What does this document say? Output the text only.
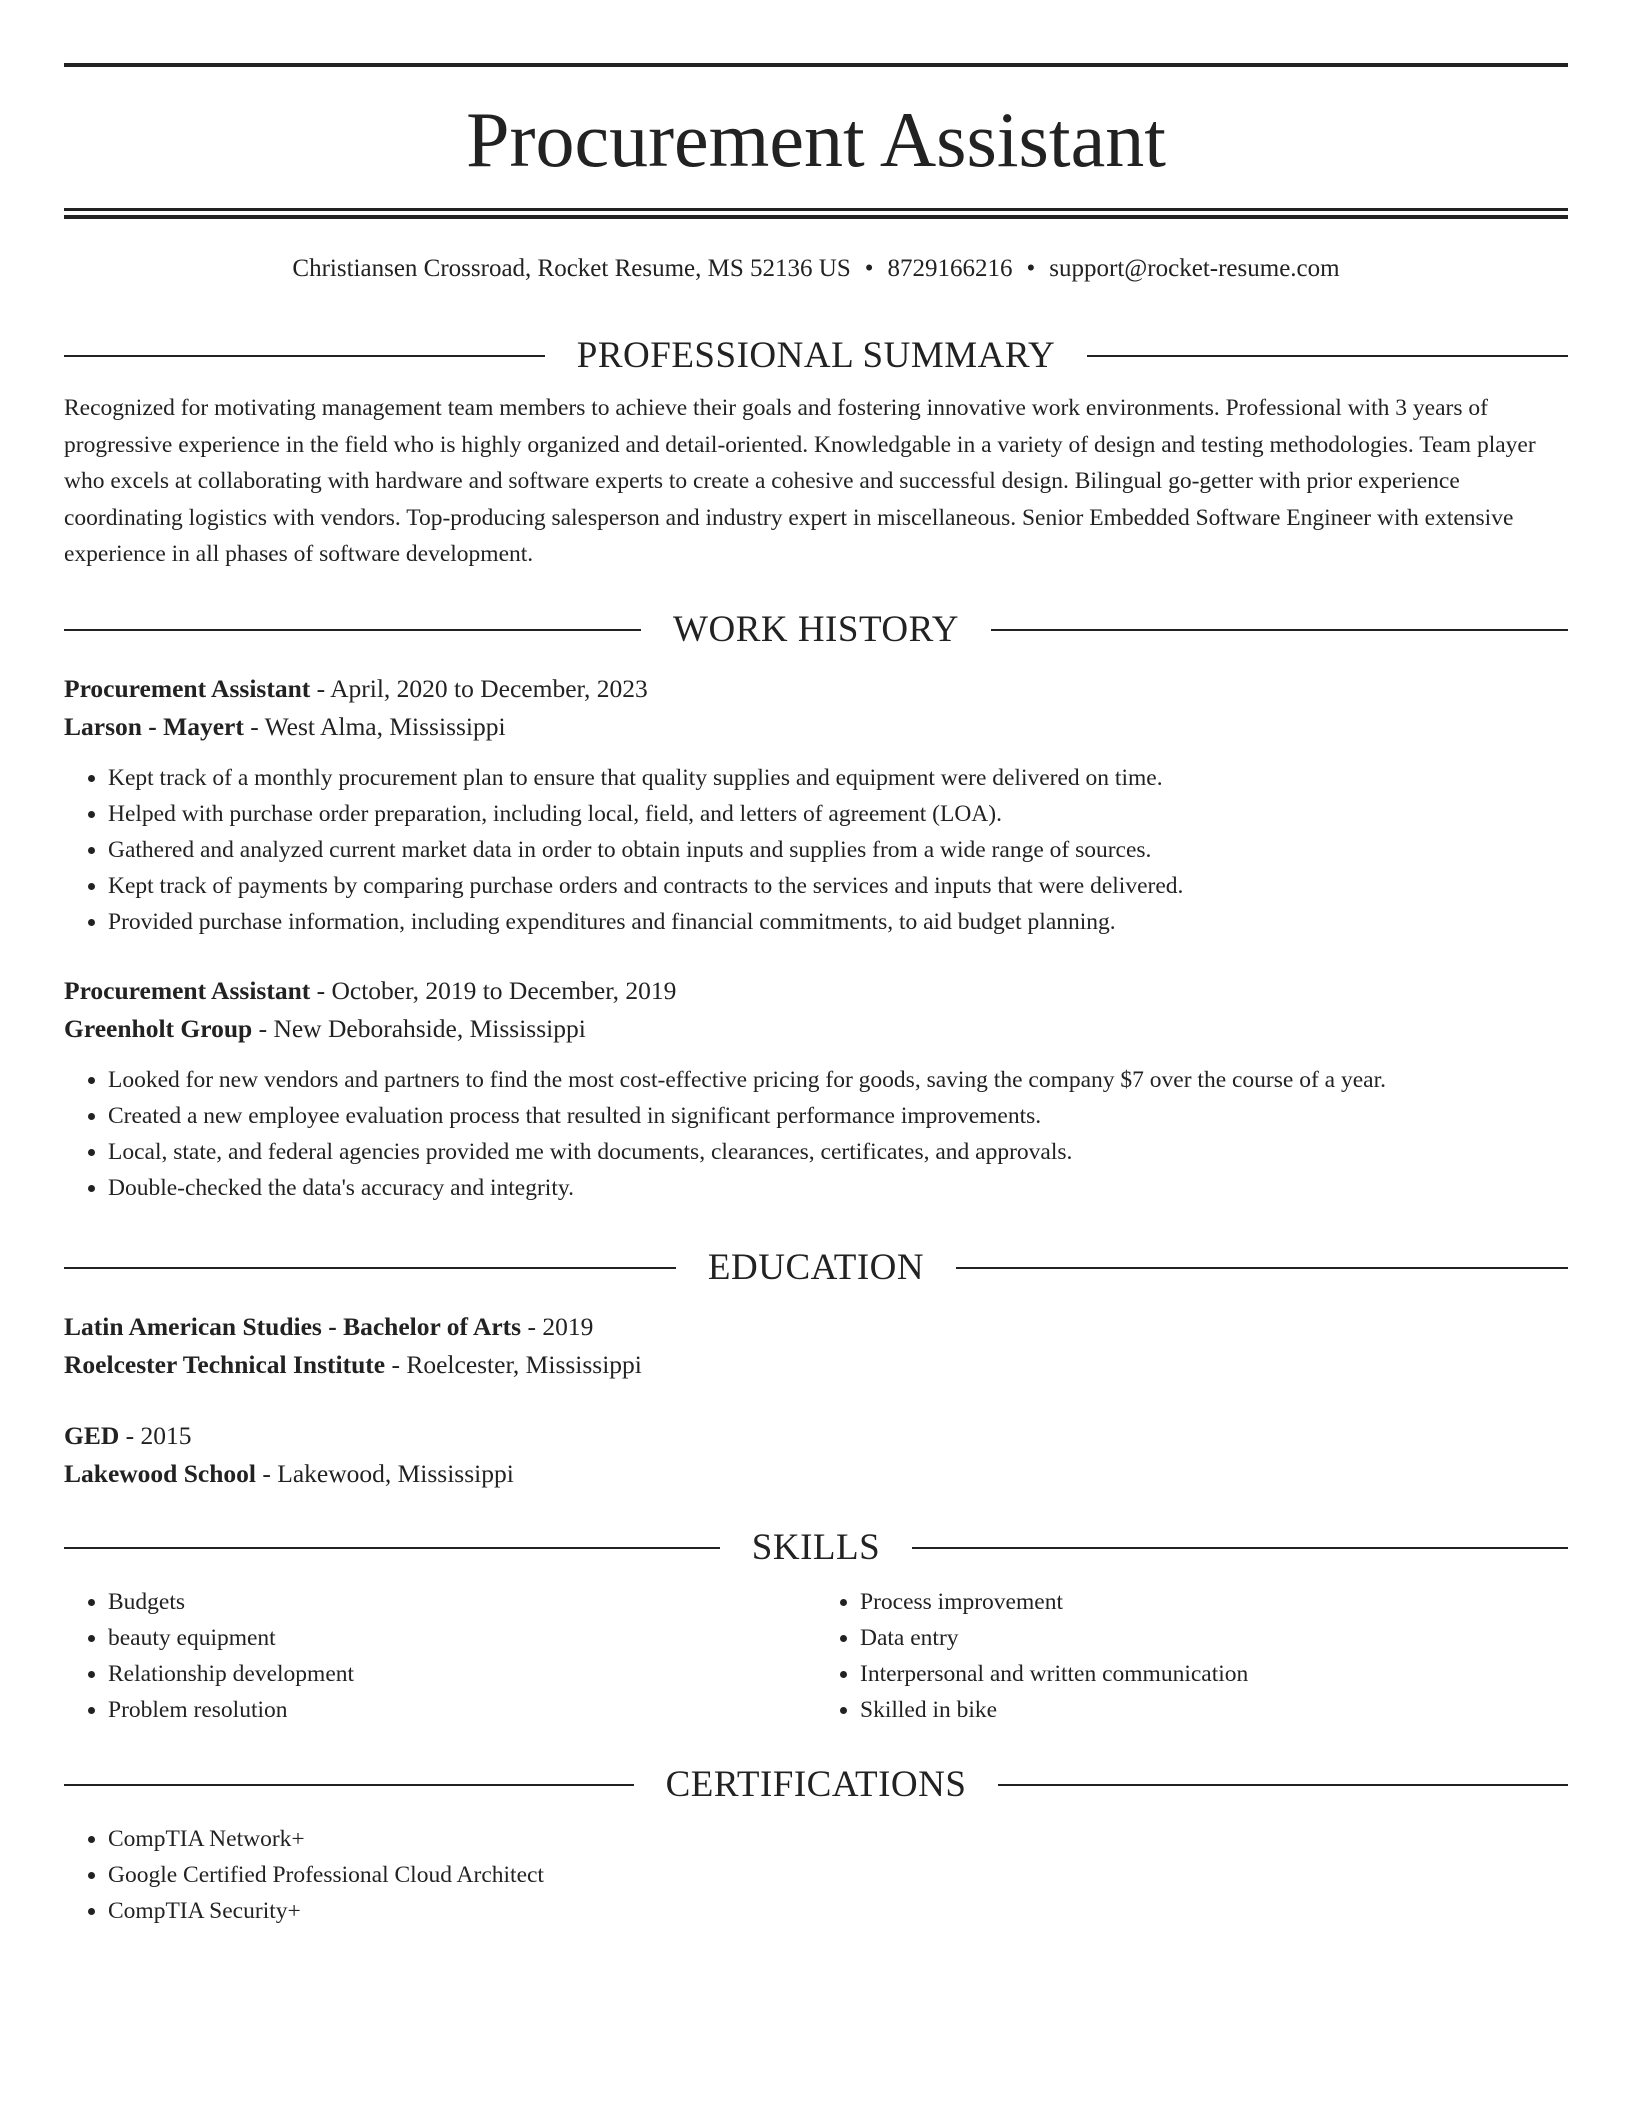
Procurement Assistant
Christiansen Crossroad, Rocket Resume, MS 52136 US • 8729166216 • support@rocket-resume.com
PROFESSIONAL SUMMARY

Recognized for motivating management team members to achieve their goals and fostering innovative work environments. Professional with 3 years of progressive experience in the field who is highly organized and detail-oriented. Knowledgable in a variety of design and testing methodologies. Team player who excels at collaborating with hardware and software experts to create a cohesive and successful design. Bilingual go-getter with prior experience coordinating logistics with vendors. Top-producing salesperson and industry expert in miscellaneous. Senior Embedded Software Engineer with extensive experience in all phases of software development.

WORK HISTORY

Procurement Assistant - April, 2020 to December, 2023

Larson - Mayert - West Alma, Mississippi

• Kept track of a monthly procurement plan to ensure that quality supplies and equipment were delivered on time.
• Helped with purchase order preparation, including local, field, and letters of agreement (LOA).
• Gathered and analyzed current market data in order to obtain inputs and supplies from a wide range of sources.
• Kept track of payments by comparing purchase orders and contracts to the services and inputs that were delivered.
• Provided purchase information, including expenditures and financial commitments, to aid budget planning.

Procurement Assistant - October, 2019 to December, 2019

Greenholt Group - New Deborahside, Mississippi

• Looked for new vendors and partners to find the most cost-effective pricing for goods, saving the company $7 over the course of a year.
• Created a new employee evaluation process that resulted in significant performance improvements.
• Local, state, and federal agencies provided me with documents, clearances, certificates, and approvals.
• Double-checked the data's accuracy and integrity.
EDUCATION

Latin American Studies - Bachelor of Arts - 2019

Roelcester Technical Institute - Roelcester, Mississippi

GED - 2015

Lakewood School - Lakewood, Mississippi

SKILLS
• Budgets
• beauty equipment
• Relationship development
• Problem resolution
• Process improvement
• Data entry
• Interpersonal and written communication
• Skilled in bike
CERTIFICATIONS
• CompTIA Network+
• Google Certified Professional Cloud Architect
• CompTIA Security+
